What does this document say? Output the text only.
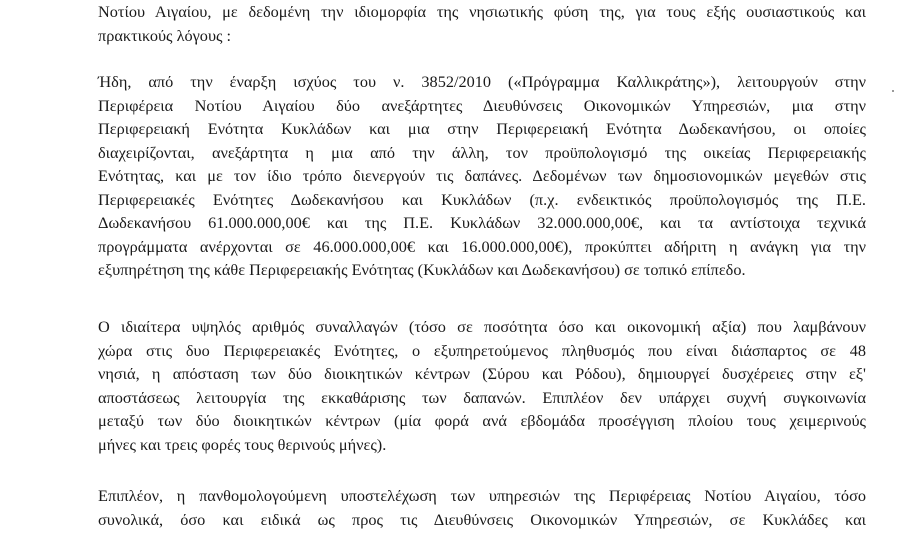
Νοτίου Αιγαίου, με δεδομένη την ιδιομορφία της νησιωτικής φύση της, για τους εξής ουσιαστικούς και
πρακτικούς λόγους :
Ήδη, από την έναρξη ισχύος του ν. 3852/2010 («Πρόγραμμα Καλλικράτης»), λειτουργούν στην
Περιφέρεια Νοτίου Αιγαίου δύο ανεξάρτητες Διευθύνσεις Οικονομικών Υπηρεσιών, μια στην
Περιφερειακή Ενότητα Κυκλάδων και μια στην Περιφερειακή Ενότητα Δωδεκανήσου, οι οποίες
διαχειρίζονται, ανεξάρτητα η μια από την άλλη, τον προϋπολογισμό της οικείας Περιφερειακής
Ενότητας, και με τον ίδιο τρόπο διενεργούν τις δαπάνες. Δεδομένων των δημοσιονομικών μεγεθών στις
Περιφερειακές Ενότητες Δωδεκανήσου και Κυκλάδων (π.χ. ενδεικτικός προϋπολογισμός της Π.Ε.
Δωδεκανήσου 61.000.000,00€ και της Π.Ε. Κυκλάδων 32.000.000,00€, και τα αντίστοιχα τεχνικά
προγράμματα ανέρχονται σε 46.000.000,00€ και 16.000.000,00€), προκύπτει αδήριτη η ανάγκη για την
εξυπηρέτηση της κάθε Περιφερειακής Ενότητας (Κυκλάδων και Δωδεκανήσου) σε τοπικό επίπεδο.
Ο ιδιαίτερα υψηλός αριθμός συναλλαγών (τόσο σε ποσότητα όσο και οικονομική αξία) που λαμβάνουν
χώρα στις δυο Περιφερειακές Ενότητες, ο εξυπηρετούμενος πληθυσμός που είναι διάσπαρτος σε 48
νησιά, η απόσταση των δύο διοικητικών κέντρων (Σύρου και Ρόδου), δημιουργεί δυσχέρειες στην εξ'
αποστάσεως λειτουργία της εκκαθάρισης των δαπανών. Επιπλέον δεν υπάρχει συχνή συγκοινωνία
μεταξύ των δύο διοικητικών κέντρων (μία φορά ανά εβδομάδα προσέγγιση πλοίου τους χειμερινούς
μήνες και τρεις φορές τους θερινούς μήνες).
Επιπλέον, η πανθομολογούμενη υποστελέχωση των υπηρεσιών της Περιφέρειας Νοτίου Αιγαίου, τόσο
συνολικά, όσο και ειδικά ως προς τις Διευθύνσεις Οικονομικών Υπηρεσιών, σε Κυκλάδες και
